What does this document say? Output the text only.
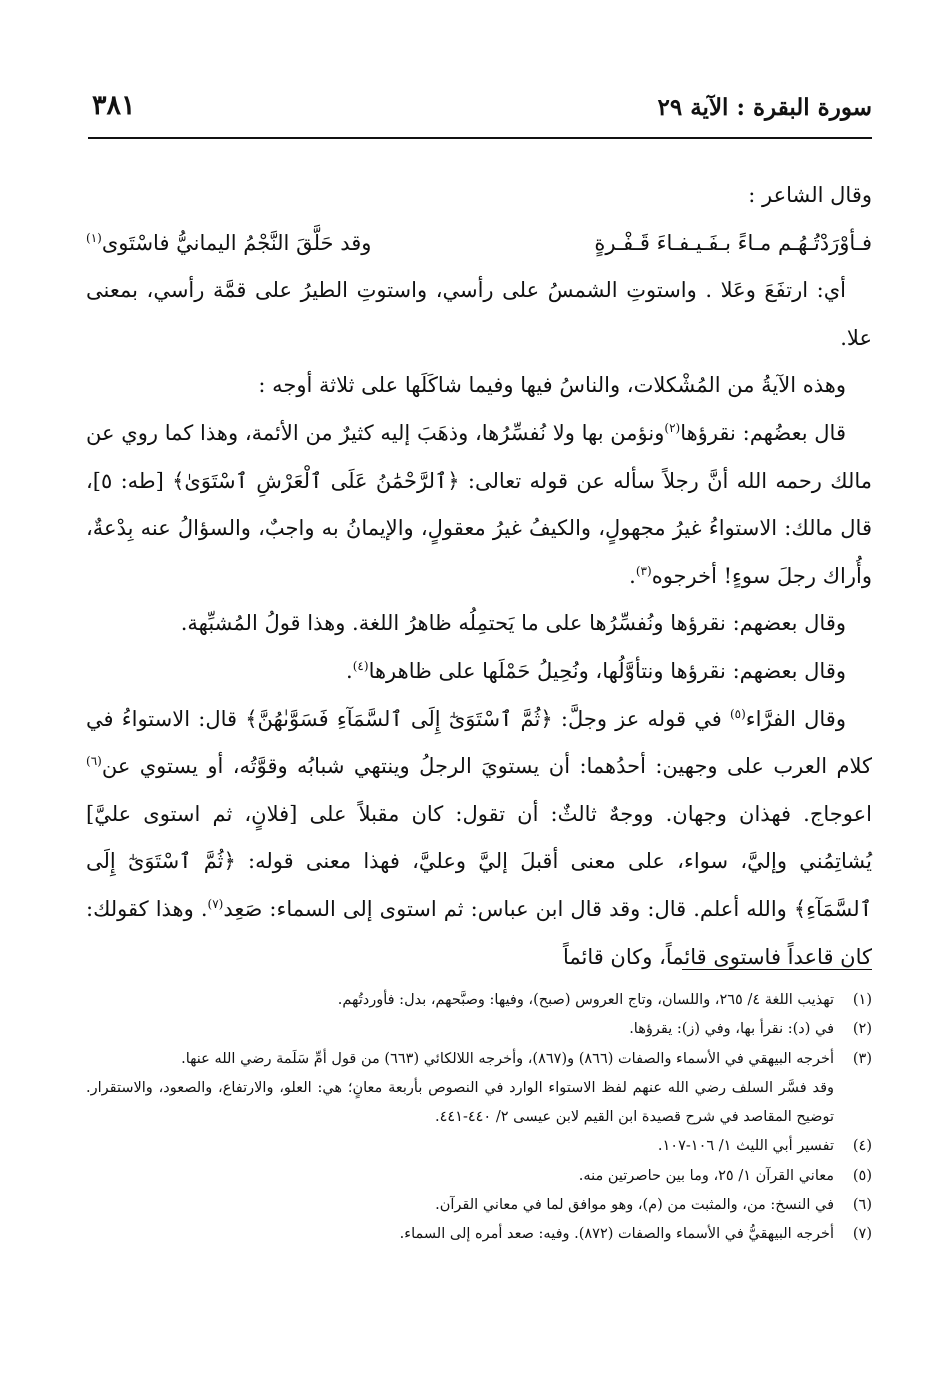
سورة البقرة : الآية ٢٩
٣٨١

وقال الشاعر :

فـأوْرَدْتُـهُـم مـاءً بـفَـيـفـاءَ قَـفْـرةٍ
وقد حَلَّقَ النَّجْمُ اليمانيُّ فاسْتَوى$^{(١)}$

أي: ارتفَعَ وعَلا . واستوتِ الشمسُ على رأسي، واستوتِ الطيرُ على قمَّة رأسي، بمعنى علا.

وهذه الآيةُ من المُشْكلات، والناسُ فيها وفيما شاكَلَها على ثلاثة أوجه :

قال بعضُهم: نقرؤها$^{(٢)}$ونؤمن بها ولا نُفسِّرُها، وذهَبَ إليه كثيرٌ من الأئمة، وهذا كما روي عن مالك رحمه الله أنَّ رجلاً سأله عن قوله تعالى: ﴿ٱلرَّحْمَٰنُ عَلَى ٱلْعَرْشِ ٱسْتَوَىٰ﴾ [طه: ٥]، قال مالك: الاستواءُ غيرُ مجهولٍ، والكيفُ غيرُ معقولٍ، والإيمانُ به واجبٌ، والسؤالُ عنه بِدْعةٌ، وأُراك رجلَ سوءٍ! أخرجوه$^{(٣)}$.

وقال بعضهم: نقرؤها ونُفسِّرُها على ما يَحتمِلُه ظاهرُ اللغة. وهذا قولُ المُشبِّهة.

وقال بعضهم: نقرؤها ونتأوَّلُها، ونُحِيلُ حَمْلَها على ظاهرها$^{(٤)}$.

وقال الفرَّاء$^{(٥)}$ في قوله عز وجلَّ: ﴿ثُمَّ ٱسْتَوَىٰٓ إِلَى ٱلسَّمَآءِ فَسَوَّىٰهُنَّ﴾ قال: الاستواءُ في كلام العرب على وجهين: أحدُهما: أن يستويَ الرجلُ وينتهي شبابُه وقوَّتُه، أو يستوي عن$^{(٦)}$ اعوجاج. فهذان وجهان. ووجهٌ ثالثٌ: أن تقول: كان مقبلاً على [فلانٍ، ثم استوى عليَّ] يُشاتِمُني وإليَّ، سواء، على معنى أقبلَ إليَّ وعليَّ، فهذا معنى قوله: ﴿ثُمَّ ٱسْتَوَىٰٓ إِلَى ٱلسَّمَآءِ﴾ والله أعلم. قال: وقد قال ابن عباس: ثم استوى إلى السماء: صَعِد$^{(٧)}$. وهذا كقولك: كان قاعداً فاستوى قائماً، وكان قائماً

(١)
تهذيب اللغة ٤/ ٢٦٥، واللسان، وتاج العروس (صبح)، وفيها: وصبَّحهم، بدل: فأوردتُهم.
(٢)
في (د): نقرأ بها، وفي (ز): يقرؤها.
(٣)
أخرجه البيهقي في الأسماء والصفات (٨٦٦) و(٨٦٧)، وأخرجه اللالكائي (٦٦٣) من قول أمِّ سَلَمة رضي الله عنها.
وقد فسَّر السلف رضي الله عنهم لفظ الاستواء الوارد في النصوص بأربعة معانٍ؛ هي: العلو، والارتفاع، والصعود، والاستقرار. توضيح المقاصد في شرح قصيدة ابن القيم لابن عيسى ٢/ ٤٤٠-٤٤١.
(٤)
تفسير أبي الليث ١/ ١٠٦-١٠٧.
(٥)
معاني القرآن ١/ ٢٥، وما بين حاصرتين منه.
(٦)
في النسخ: من، والمثبت من (م)، وهو موافق لما في معاني القرآن.
(٧)
أخرجه البيهقيُّ في الأسماء والصفات (٨٧٢). وفيه: صعد أمره إلى السماء.
